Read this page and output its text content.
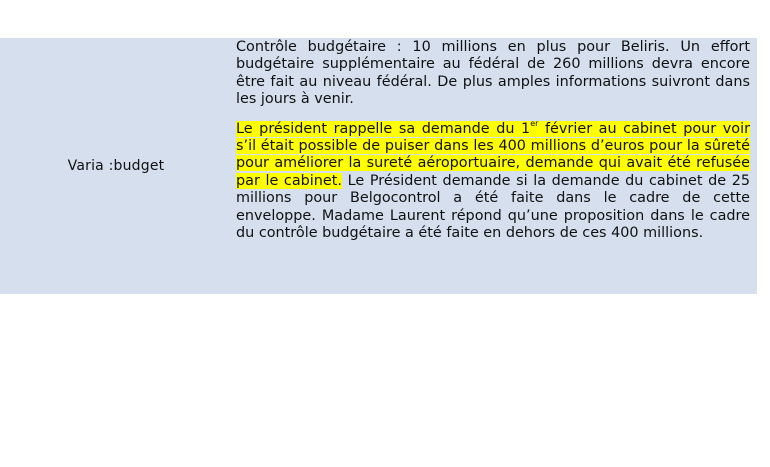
Varia :budget

Contrôle budgétaire : 10 millions en plus pour Beliris. Un effort budgétaire supplémentaire au fédéral de 260 millions devra encore être fait au niveau fédéral. De plus amples informations suivront dans les jours à venir.

Le président rappelle sa demande du 1er février au cabinet pour voir s’il était possible de puiser dans les 400 millions d’euros pour la sûreté pour améliorer la sureté aéroportuaire, demande qui avait été refusée par le cabinet. Le Président demande si la demande du cabinet de 25 millions pour Belgocontrol a été faite dans le cadre de cette enveloppe. Madame Laurent répond qu’une proposition dans le cadre du contrôle budgétaire a été faite en dehors de ces 400 millions.
